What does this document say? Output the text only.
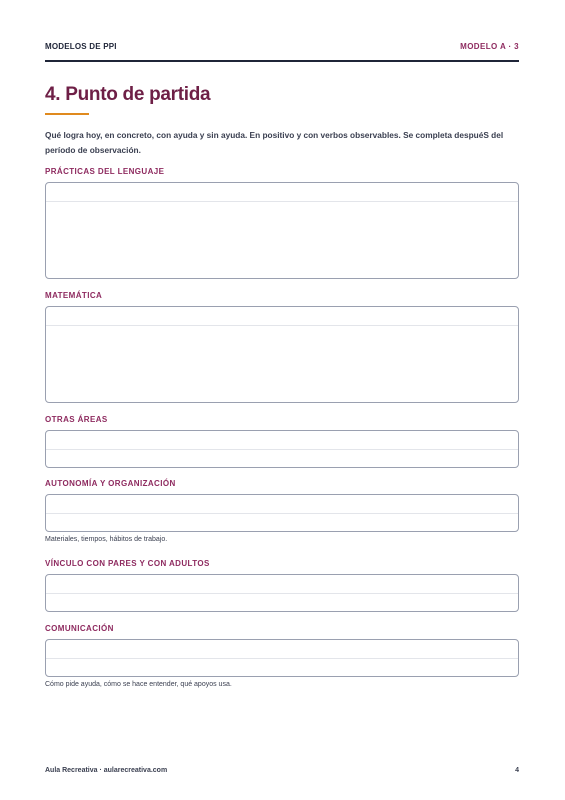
MODELOS DE PPI	MODELO A · 3
4. Punto de partida
Qué logra hoy, en concreto, con ayuda y sin ayuda. En positivo y con verbos observables. Se completa despuéS del período de observación.
PRÁCTICAS DEL LENGUAJE
MATEMÁTICA
OTRAS ÁREAS
AUTONOMÍA Y ORGANIZACIÓN
Materiales, tiempos, hábitos de trabajo.
VÍNCULO CON PARES Y CON ADULTOS
COMUNICACIÓN
Cómo pide ayuda, cómo se hace entender, qué apoyos usa.
Aula Recreativa · aularecreativa.com	4
